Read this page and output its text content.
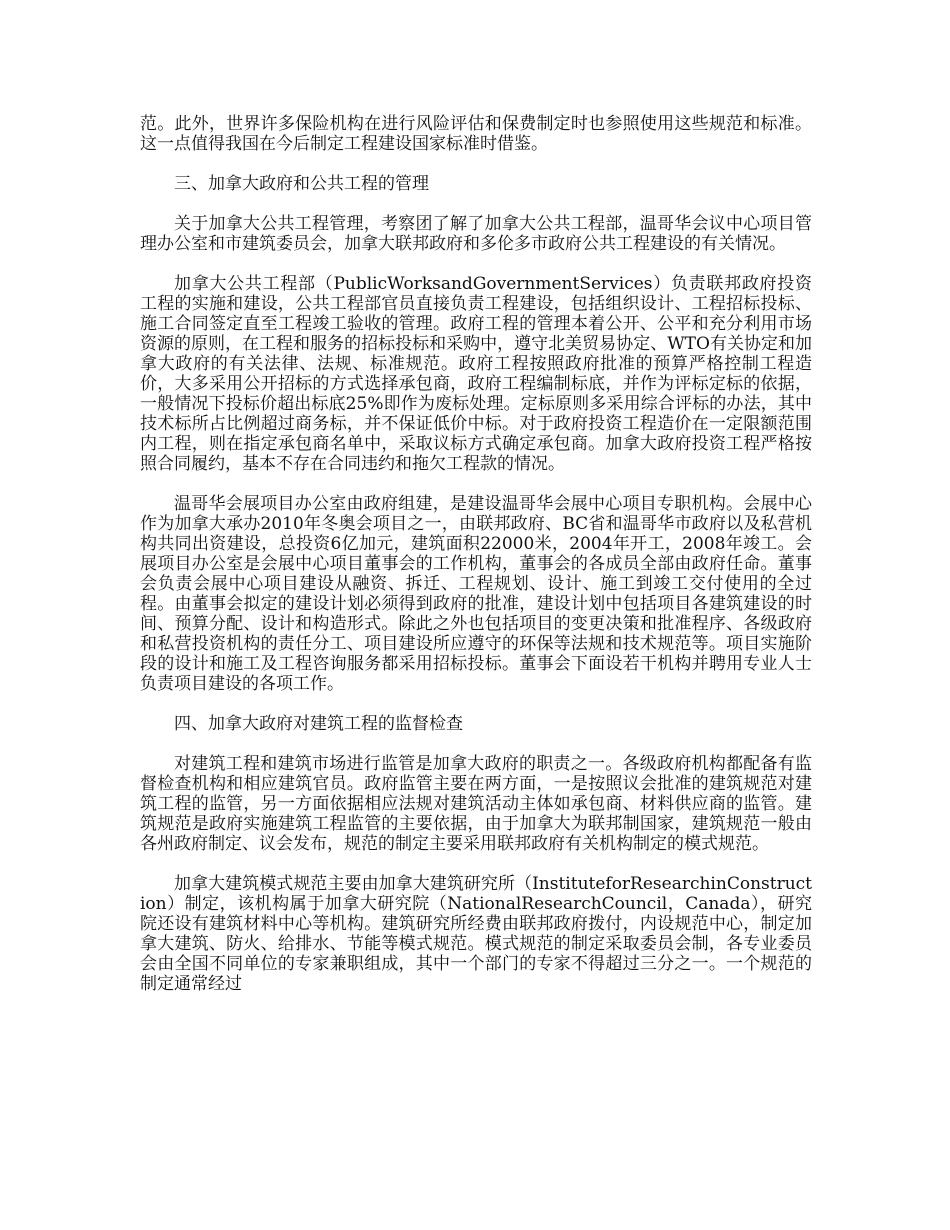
范。此外，世界许多保险机构在进行风险评估和保费制定时也参照使用这些规范和标准。这一点值得我国在今后制定工程建设国家标准时借鉴。

三、加拿大政府和公共工程的管理

关于加拿大公共工程管理，考察团了解了加拿大公共工程部，温哥华会议中心项目管理办公室和市建筑委员会，加拿大联邦政府和多伦多市政府公共工程建设的有关情况。

加拿大公共工程部（PublicWorksandGovernmentServices）负责联邦政府投资工程的实施和建设，公共工程部官员直接负责工程建设，包括组织设计、工程招标投标、施工合同签定直至工程竣工验收的管理。政府工程的管理本着公开、公平和充分利用市场资源的原则，在工程和服务的招标投标和采购中，遵守北美贸易协定、WTO有关协定和加拿大政府的有关法律、法规、标准规范。政府工程按照政府批准的预算严格控制工程造价，大多采用公开招标的方式选择承包商，政府工程编制标底，并作为评标定标的依据，一般情况下投标价超出标底25%即作为废标处理。定标原则多采用综合评标的办法，其中技术标所占比例超过商务标，并不保证低价中标。对于政府投资工程造价在一定限额范围内工程，则在指定承包商名单中，采取议标方式确定承包商。加拿大政府投资工程严格按照合同履约，基本不存在合同违约和拖欠工程款的情况。

温哥华会展项目办公室由政府组建，是建设温哥华会展中心项目专职机构。会展中心作为加拿大承办2010年冬奥会项目之一，由联邦政府、BC省和温哥华市政府以及私营机构共同出资建设，总投资6亿加元，建筑面积22000米，2004年开工，2008年竣工。会展项目办公室是会展中心项目董事会的工作机构，董事会的各成员全部由政府任命。董事会负责会展中心项目建设从融资、拆迁、工程规划、设计、施工到竣工交付使用的全过程。由董事会拟定的建设计划必须得到政府的批准，建设计划中包括项目各建筑建设的时间、预算分配、设计和构造形式。除此之外也包括项目的变更决策和批准程序、各级政府和私营投资机构的责任分工、项目建设所应遵守的环保等法规和技术规范等。项目实施阶段的设计和施工及工程咨询服务都采用招标投标。董事会下面设若干机构并聘用专业人士负责项目建设的各项工作。

四、加拿大政府对建筑工程的监督检查

对建筑工程和建筑市场进行监管是加拿大政府的职责之一。各级政府机构都配备有监督检查机构和相应建筑官员。政府监管主要在两方面，一是按照议会批准的建筑规范对建筑工程的监管，另一方面依据相应法规对建筑活动主体如承包商、材料供应商的监管。建筑规范是政府实施建筑工程监管的主要依据，由于加拿大为联邦制国家，建筑规范一般由各州政府制定、议会发布，规范的制定主要采用联邦政府有关机构制定的模式规范。

加拿大建筑模式规范主要由加拿大建筑研究所（InstituteforResearchinConstruction）制定，该机构属于加拿大研究院（NationalResearchCouncil，Canada），研究院还设有建筑材料中心等机构。建筑研究所经费由联邦政府拨付，内设规范中心，制定加拿大建筑、防火、给排水、节能等模式规范。模式规范的制定采取委员会制，各专业委员会由全国不同单位的专家兼职组成，其中一个部门的专家不得超过三分之一。一个规范的制定通常经过
